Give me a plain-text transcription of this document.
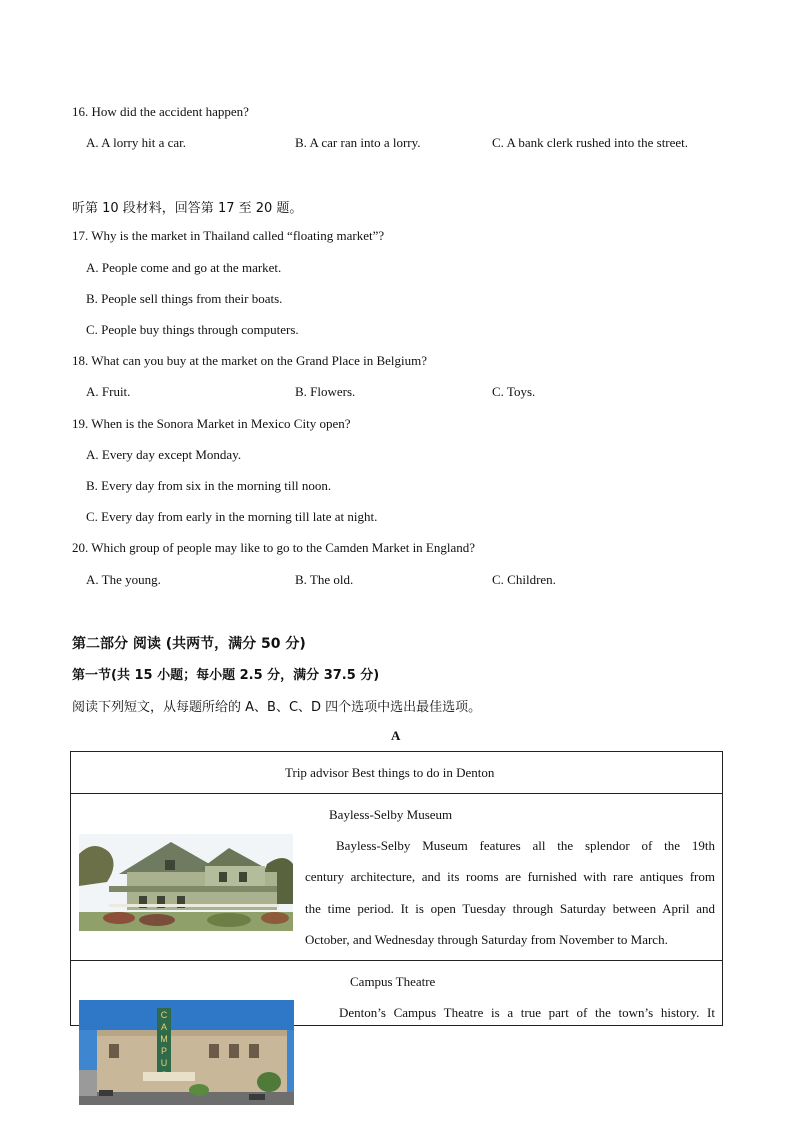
16. How did the accident happen?
A. A lorry hit a car.	B. A car ran into a lorry.	C. A bank clerk rushed into the street.
听第 10 段材料，回答第 17 至 20 题。
17. Why is the market in Thailand called “floating market”?
A. People come and go at the market.
B. People sell things from their boats.
C. People buy things through computers.
18. What can you buy at the market on the Grand Place in Belgium?
A. Fruit.	B. Flowers.	C. Toys.
19. When is the Sonora Market in Mexico City open?
A. Every day except Monday.
B. Every day from six in the morning till noon.
C. Every day from early in the morning till late at night.
20. Which group of people may like to go to the Camden Market in England?
A. The young.	B. The old.	C. Children.
第二部分 阅读 (共两节，满分 50 分)
第一节(共 15 小题；每小题 2.5 分，满分 37.5 分)
阅读下列短文，从每题所给的 A、B、C、D 四个选项中选出最佳选项。
A
Trip advisor Best things to do in Denton
Bayless-Selby Museum
Bayless-Selby Museum features all the splendor of the 19th
century architecture, and its rooms are furnished with rare antiques from
the time period. It is open Tuesday through Saturday between April and
October, and Wednesday through Saturday from November to March.
Campus Theatre
Denton’s Campus Theatre is a true part of the town’s history. It
C
A
M
P
U
